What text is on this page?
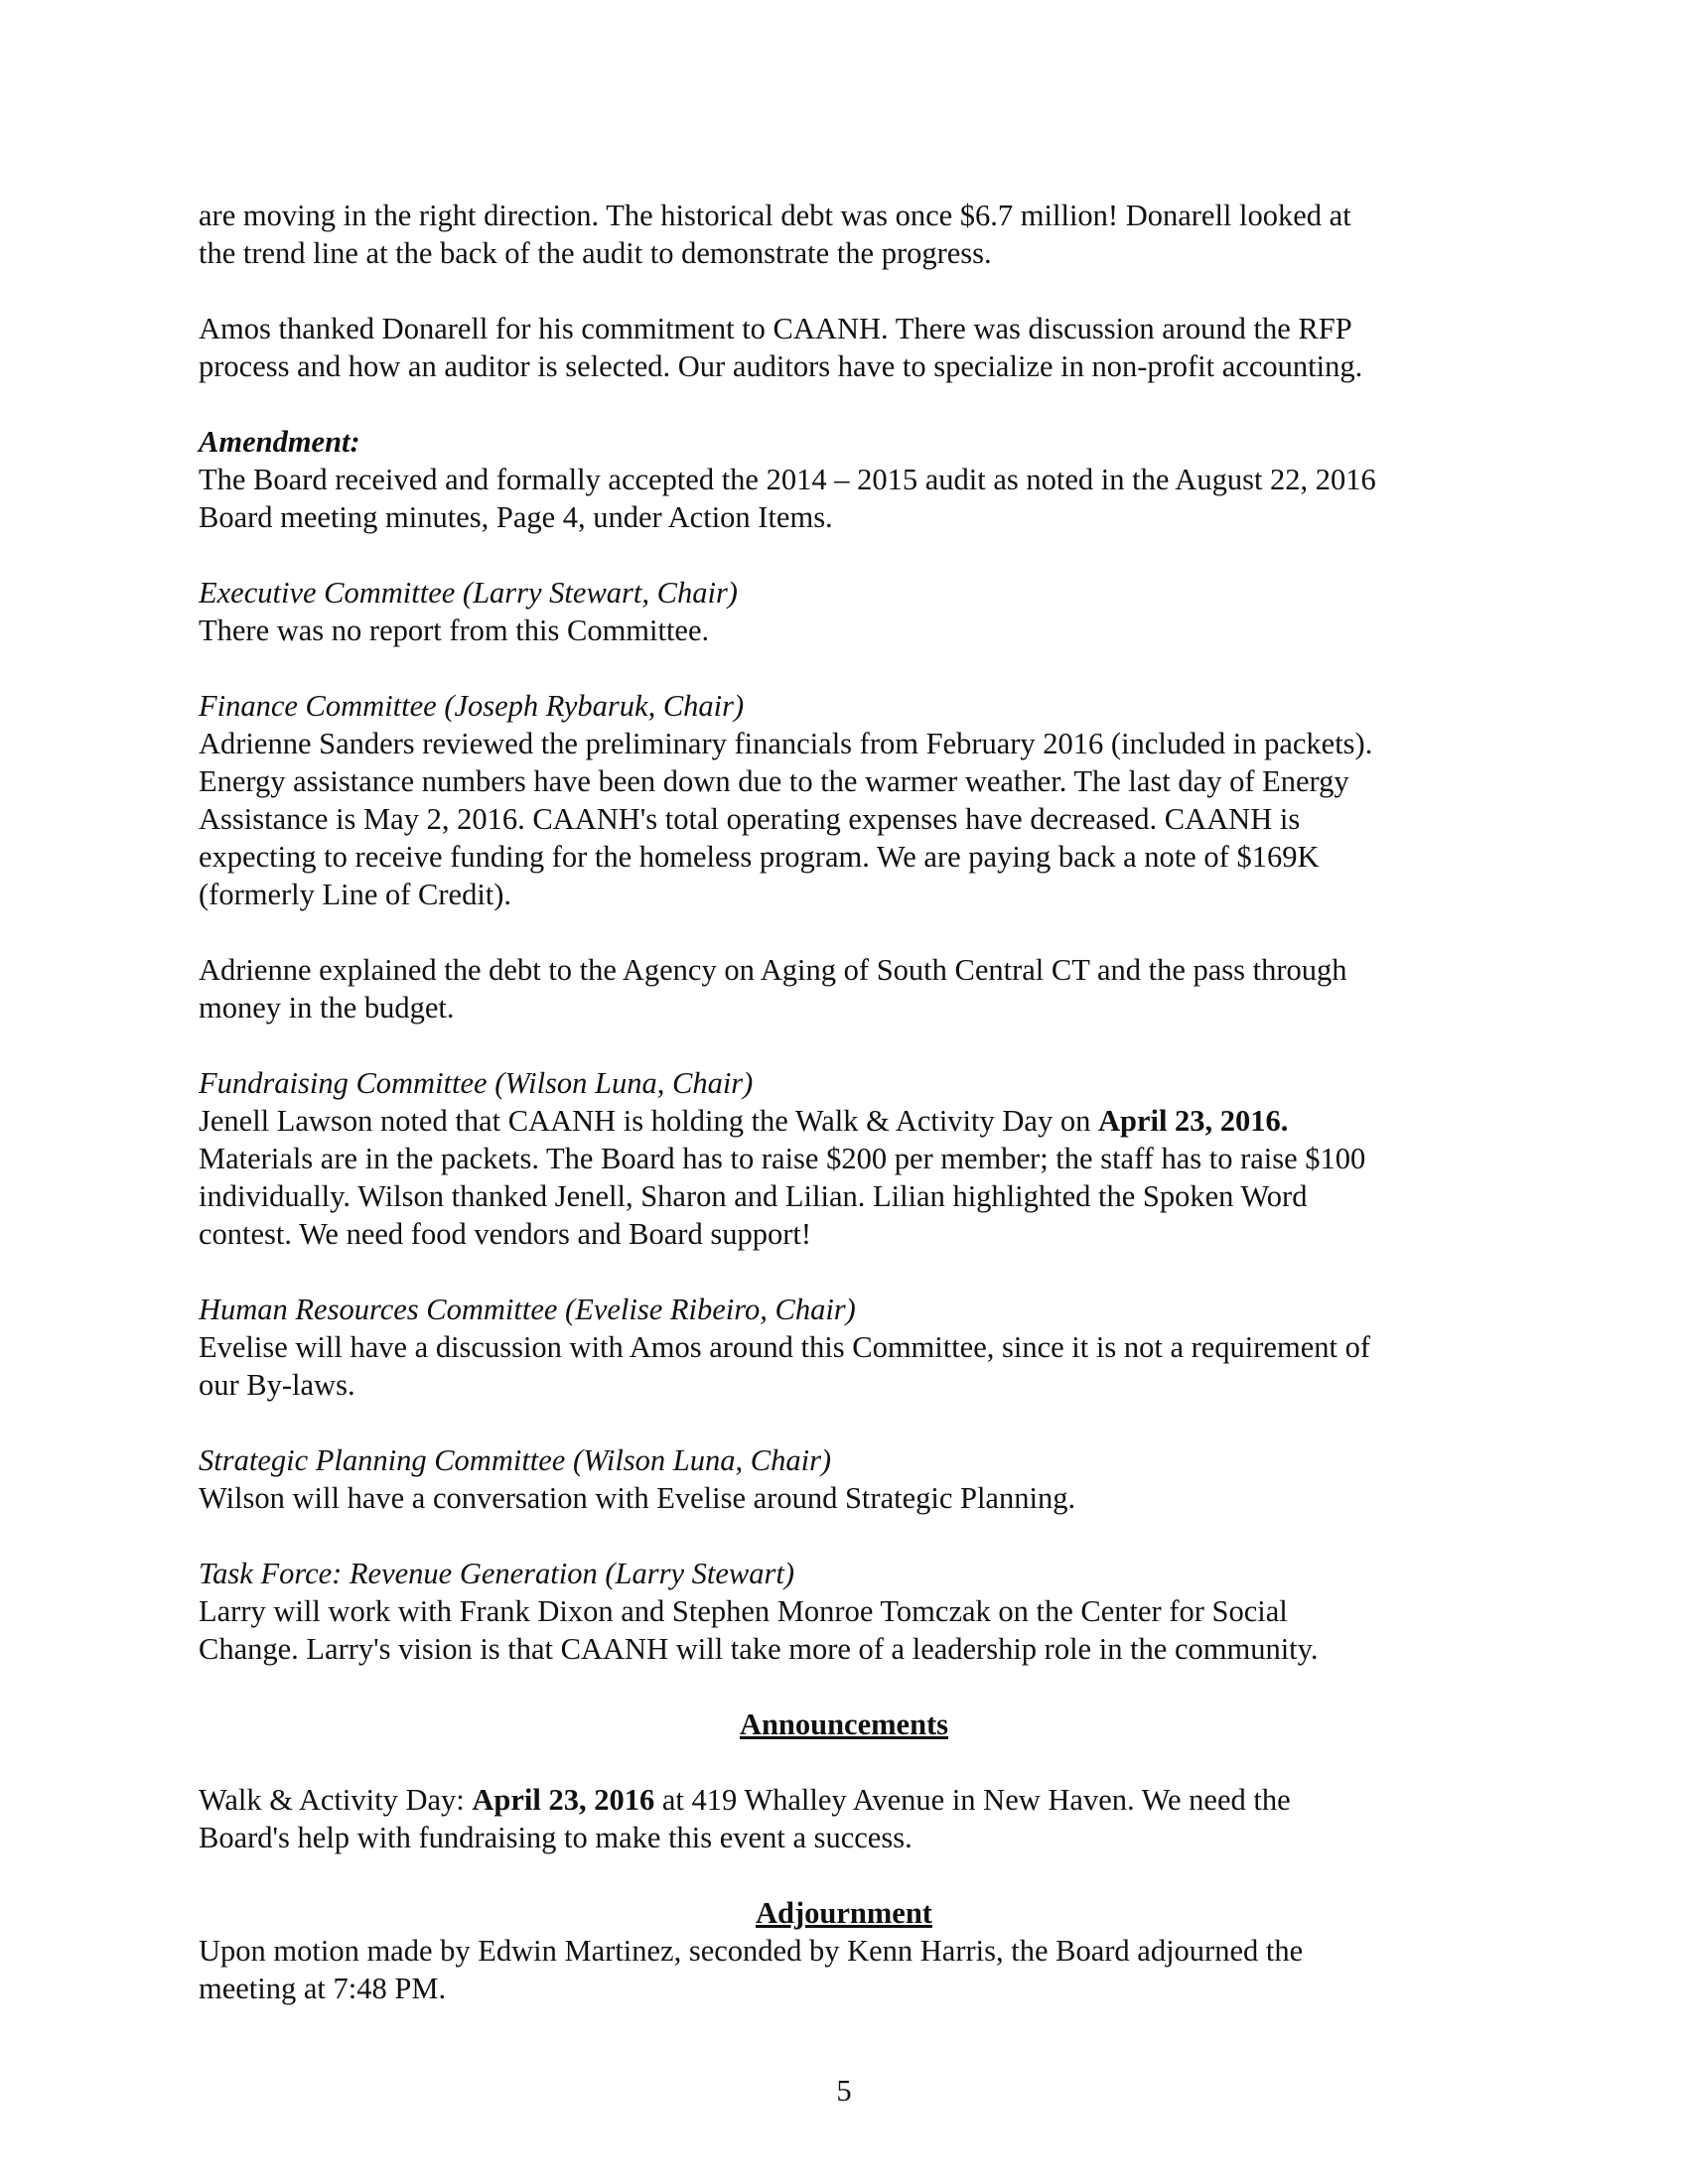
are moving in the right direction. The historical debt was once $6.7 million! Donarell looked at
the trend line at the back of the audit to demonstrate the progress.
Amos thanked Donarell for his commitment to CAANH. There was discussion around the RFP
process and how an auditor is selected. Our auditors have to specialize in non-profit accounting.
Amendment:
The Board received and formally accepted the 2014 – 2015 audit as noted in the August 22, 2016
Board meeting minutes, Page 4, under Action Items.
Executive Committee (Larry Stewart, Chair)
There was no report from this Committee.
Finance Committee (Joseph Rybaruk, Chair)
Adrienne Sanders reviewed the preliminary financials from February 2016 (included in packets).
Energy assistance numbers have been down due to the warmer weather. The last day of Energy
Assistance is May 2, 2016. CAANH's total operating expenses have decreased. CAANH is
expecting to receive funding for the homeless program. We are paying back a note of $169K
(formerly Line of Credit).
Adrienne explained the debt to the Agency on Aging of South Central CT and the pass through
money in the budget.
Fundraising Committee (Wilson Luna, Chair)
Jenell Lawson noted that CAANH is holding the Walk & Activity Day on April 23, 2016.
Materials are in the packets. The Board has to raise $200 per member; the staff has to raise $100
individually. Wilson thanked Jenell, Sharon and Lilian. Lilian highlighted the Spoken Word
contest. We need food vendors and Board support!
Human Resources Committee (Evelise Ribeiro, Chair)
Evelise will have a discussion with Amos around this Committee, since it is not a requirement of
our By-laws.
Strategic Planning Committee (Wilson Luna, Chair)
Wilson will have a conversation with Evelise around Strategic Planning.
Task Force: Revenue Generation (Larry Stewart)
Larry will work with Frank Dixon and Stephen Monroe Tomczak on the Center for Social
Change. Larry's vision is that CAANH will take more of a leadership role in the community.
Announcements
Walk & Activity Day: April 23, 2016 at 419 Whalley Avenue in New Haven. We need the
Board's help with fundraising to make this event a success.
Adjournment
Upon motion made by Edwin Martinez, seconded by Kenn Harris, the Board adjourned the
meeting at 7:48 PM.
5
